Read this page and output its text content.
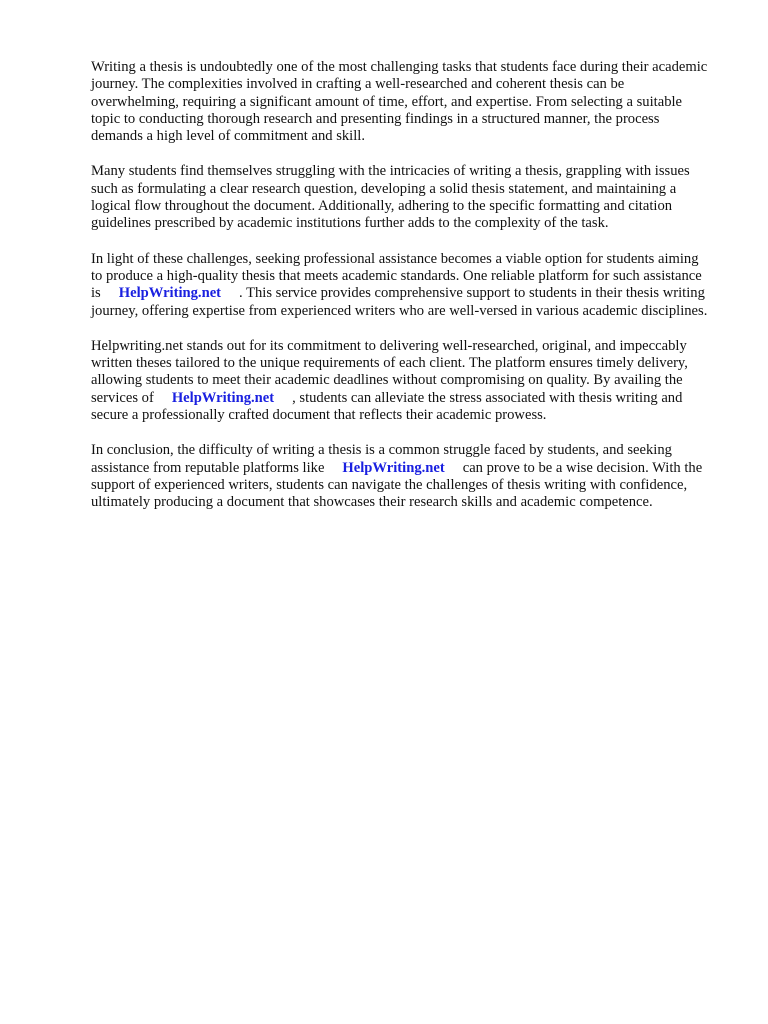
Writing a thesis is undoubtedly one of the most challenging tasks that students face during their academic journey. The complexities involved in crafting a well-researched and coherent thesis can be overwhelming, requiring a significant amount of time, effort, and expertise. From selecting a suitable topic to conducting thorough research and presenting findings in a structured manner, the process demands a high level of commitment and skill.

Many students find themselves struggling with the intricacies of writing a thesis, grappling with issues such as formulating a clear research question, developing a solid thesis statement, and maintaining a logical flow throughout the document. Additionally, adhering to the specific formatting and citation guidelines prescribed by academic institutions further adds to the complexity of the task.

In light of these challenges, seeking professional assistance becomes a viable option for students aiming to produce a high-quality thesis that meets academic standards. One reliable platform for such assistance is HelpWriting.net . This service provides comprehensive support to students in their thesis writing journey, offering expertise from experienced writers who are well-versed in various academic disciplines.

Helpwriting.net stands out for its commitment to delivering well-researched, original, and impeccably written theses tailored to the unique requirements of each client. The platform ensures timely delivery, allowing students to meet their academic deadlines without compromising on quality. By availing the services of HelpWriting.net , students can alleviate the stress associated with thesis writing and secure a professionally crafted document that reflects their academic prowess.

In conclusion, the difficulty of writing a thesis is a common struggle faced by students, and seeking assistance from reputable platforms like HelpWriting.net can prove to be a wise decision. With the support of experienced writers, students can navigate the challenges of thesis writing with confidence, ultimately producing a document that showcases their research skills and academic competence.
